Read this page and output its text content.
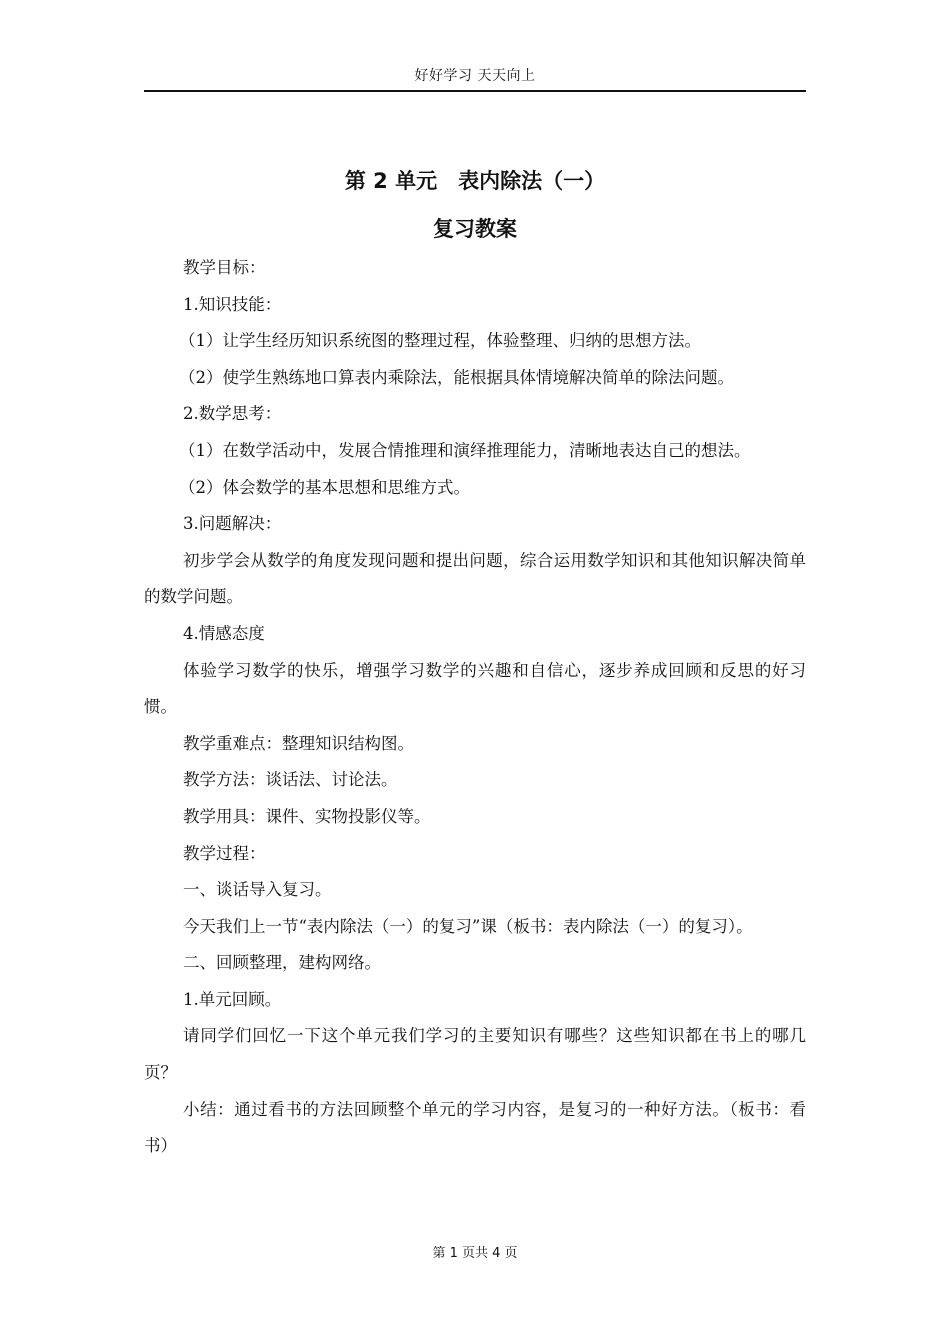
好好学习 天天向上
第 2 单元　表内除法（一）
复习教案

教学目标：

1.知识技能：

（1）让学生经历知识系统图的整理过程，体验整理、归纳的思想方法。

（2）使学生熟练地口算表内乘除法，能根据具体情境解决简单的除法问题。

2.数学思考：

（1）在数学活动中，发展合情推理和演绎推理能力，清晰地表达自己的想法。

（2）体会数学的基本思想和思维方式。

3.问题解决：

初步学会从数学的角度发现问题和提出问题，综合运用数学知识和其他知识解决简单的数学问题。

4.情感态度

体验学习数学的快乐，增强学习数学的兴趣和自信心，逐步养成回顾和反思的好习惯。

教学重难点：整理知识结构图。

教学方法：谈话法、讨论法。

教学用具：课件、实物投影仪等。

教学过程：

一、谈话导入复习。

今天我们上一节“表内除法（一）的复习”课（板书：表内除法（一）的复习）。

二、回顾整理，建构网络。

1.单元回顾。

请同学们回忆一下这个单元我们学习的主要知识有哪些？这些知识都在书上的哪几页？

小结：通过看书的方法回顾整个单元的学习内容，是复习的一种好方法。（板书：看书）

第 1 页共 4 页
